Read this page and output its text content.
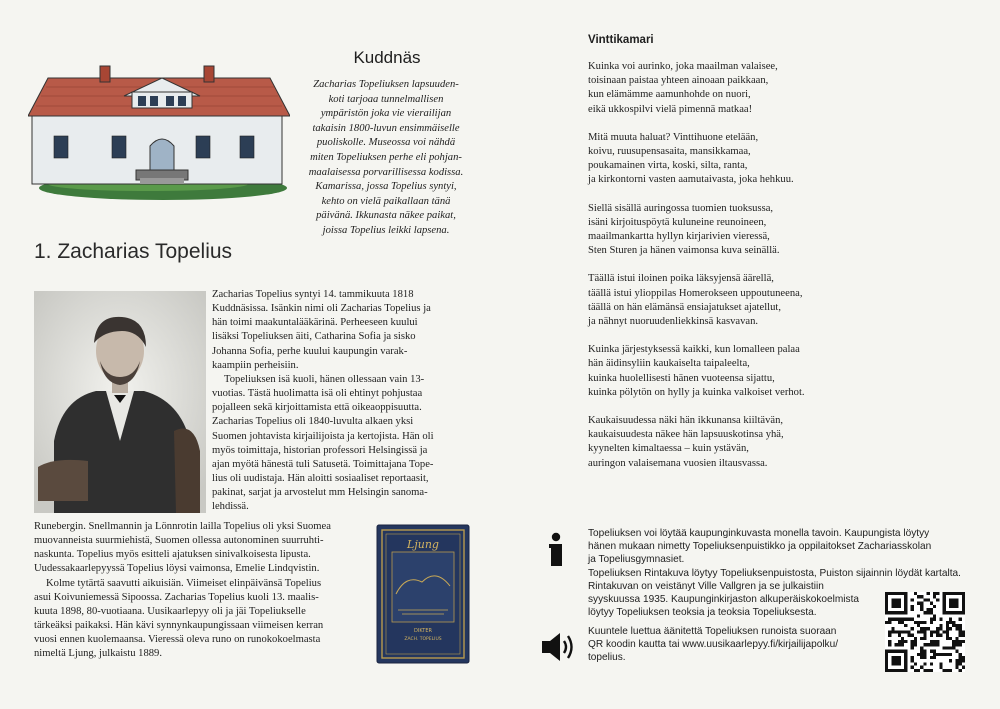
Kuddnäs
Zacharias Topeliuksen lapsuuden-
koti tarjoaa tunnelmallisen
ympäristön joka vie vierailijan
takaisin 1800-luvun ensimmäiselle
puoliskolle. Museossa voi nähdä
miten Topeliuksen perhe eli pohjan-
maalaisessa porvarillisessa kodissa.
Kamarissa, jossa Topelius syntyi,
kehto on vielä paikallaan tänä
päivänä. Ikkunasta näkee paikat,
joissa Topelius leikki lapsena.
1. Zacharias Topelius

Zacharias Topelius syntyi 14. tammikuuta 1818
Kuddnäsissa. Isänkin nimi oli Zacharias Topelius ja
hän toimi maakuntalääkärinä. Perheeseen kuului
lisäksi Topeliuksen äiti, Catharina Sofia ja sisko
Johanna Sofia, perhe kuului kaupungin varak-
kaampiin perheisiin.

Topeliuksen isä kuoli, hänen ollessaan vain 13-
vuotias. Tästä huolimatta isä oli ehtinyt pohjustaa
pojalleen sekä kirjoittamista että oikeaoppisuutta.
Zacharias Topelius oli 1840-luvulta alkaen yksi
Suomen johtavista kirjailijoista ja kertojista. Hän oli
myös toimittaja, historian professori Helsingissä ja
ajan myötä hänestä tuli Satusetä. Toimittajana Tope-
lius oli uudistaja. Hän aloitti sosiaaliset reportaasit,
pakinat, sarjat ja arvostelut mm Helsingin sanoma-
lehdissä.

Runebergin. Snellmannin ja Lönnrotin lailla Topelius oli yksi Suomea
muovanneista suurmiehistä, Suomen ollessa autonominen suurruhti-
naskunta. Topelius myös esitteli ajatuksen sinivalkoisesta lipusta.
Uudessakaarlepyyssä Topelius löysi vaimonsa, Emelie Lindqvistin.

Kolme tytärtä saavutti aikuisiän. Viimeiset elinpäivänsä Topelius
asui Koivuniemessä Sipoossa. Zacharias Topelius kuoli 13. maalis-
kuuta 1898, 80-vuotiaana. Uusikaarlepyy oli ja jäi Topeliukselle
tärkeäksi paikaksi. Hän kävi synnynkaupungissaan viimeisen kerran
vuosi ennen kuolemaansa. Vieressä oleva runo on runokokoelmasta
nimeltä Ljung, julkaistu 1889.

Ljung
DIKTER
ZACH. TOPELIUS
Vinttikamari

Kuinka voi aurinko, joka maailman valaisee,
toisinaan paistaa yhteen ainoaan paikkaan,
kun elämämme aamunhohde on nuori,
eikä ukkospilvi vielä pimennä matkaa!

Mitä muuta haluat? Vinttihuone etelään,
koivu, ruusupensasaita, mansikkamaa,
poukamainen virta, koski, silta, ranta,
ja kirkontorni vasten aamutaivasta, joka hehkuu.

Siellä sisällä auringossa tuomien tuoksussa,
isäni kirjoituspöytä kuluneine reunoineen,
maailmankartta hyllyn kirjarivien vieressä,
Sten Sturen ja hänen vaimonsa kuva seinällä.

Täällä istui iloinen poika läksyjensä äärellä,
täällä istui ylioppilas Homerokseen uppoutuneena,
täällä on hän elämänsä ensiajatukset ajatellut,
ja nähnyt nuoruudenliekkinsä kasvavan.

Kuinka järjestyksessä kaikki, kun lomalleen palaa
hän äidinsyliin kaukaiselta taipaleelta,
kuinka huolellisesti hänen vuoteensa sijattu,
kuinka pölytön on hylly ja kuinka valkoiset verhot.

Kaukaisuudessa näki hän ikkunansa kiiltävän,
kaukaisuudesta näkee hän lapsuuskotinsa yhä,
kyynelten kimaltaessa – kuin ystävän,
auringon valaisemana vuosien iltausvassa.

Topeliuksen voi löytää kaupunginkuvasta monella tavoin. Kaupungista löytyy
hänen mukaan nimetty Topeliuksenpuistikko ja oppilaitokset Zachariasskolan
ja Topeliusgymnasiet.
Topeliuksen Rintakuva löytyy Topeliuksenpuistosta, Puiston sijainnin löydät kartalta.
Rintakuvan on veistänyt Ville Vallgren ja se julkaistiin
syyskuussa 1935. Kaupunginkirjaston alkuperäiskokoelmista
löytyy Topeliuksen teoksia ja teoksia Topeliuksesta.
Kuuntele luettua äänitettä Topeliuksen runoista suoraan
QR koodin kautta tai www.uusikaarlepyy.fi/kirjailijapolku/
topelius.
